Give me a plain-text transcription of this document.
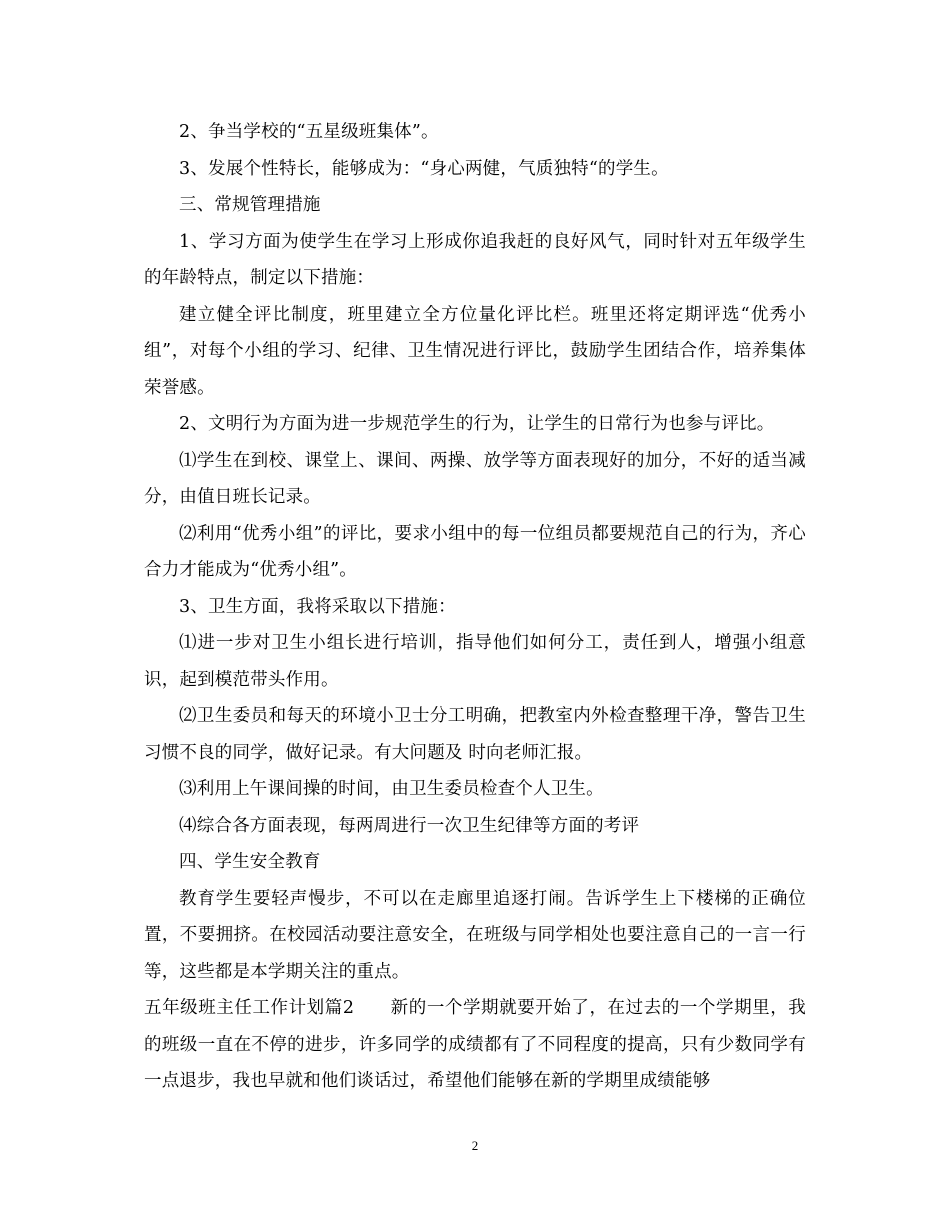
2、争当学校的“五星级班集体”。

3、发展个性特长，能够成为：“身心两健，气质独特“的学生。

三、常规管理措施

1、学习方面为使学生在学习上形成你追我赶的良好风气，同时针对五年级学生的年龄特点，制定以下措施：

建立健全评比制度，班里建立全方位量化评比栏。班里还将定期评选“优秀小组”，对每个小组的学习、纪律、卫生情况进行评比，鼓励学生团结合作，培养集体荣誉感。

2、文明行为方面为进一步规范学生的行为，让学生的日常行为也参与评比。

⑴学生在到校、课堂上、课间、两操、放学等方面表现好的加分，不好的适当减分，由值日班长记录。

⑵利用“优秀小组”的评比，要求小组中的每一位组员都要规范自己的行为，齐心合力才能成为“优秀小组”。

3、卫生方面，我将采取以下措施：

⑴进一步对卫生小组长进行培训，指导他们如何分工，责任到人，增强小组意识，起到模范带头作用。

⑵卫生委员和每天的环境小卫士分工明确，把教室内外检查整理干净，警告卫生习惯不良的同学，做好记录。有大问题及 时向老师汇报。

⑶利用上午课间操的时间，由卫生委员检查个人卫生。

⑷综合各方面表现，每两周进行一次卫生纪律等方面的考评

四、学生安全教育

教育学生要轻声慢步，不可以在走廊里追逐打闹。告诉学生上下楼梯的正确位置，不要拥挤。在校园活动要注意安全，在班级与同学相处也要注意自己的一言一行等，这些都是本学期关注的重点。

五年级班主任工作计划篇2　　新的一个学期就要开始了，在过去的一个学期里，我的班级一直在不停的进步，许多同学的成绩都有了不同程度的提高，只有少数同学有一点退步，我也早就和他们谈话过，希望他们能够在新的学期里成绩能够

2
